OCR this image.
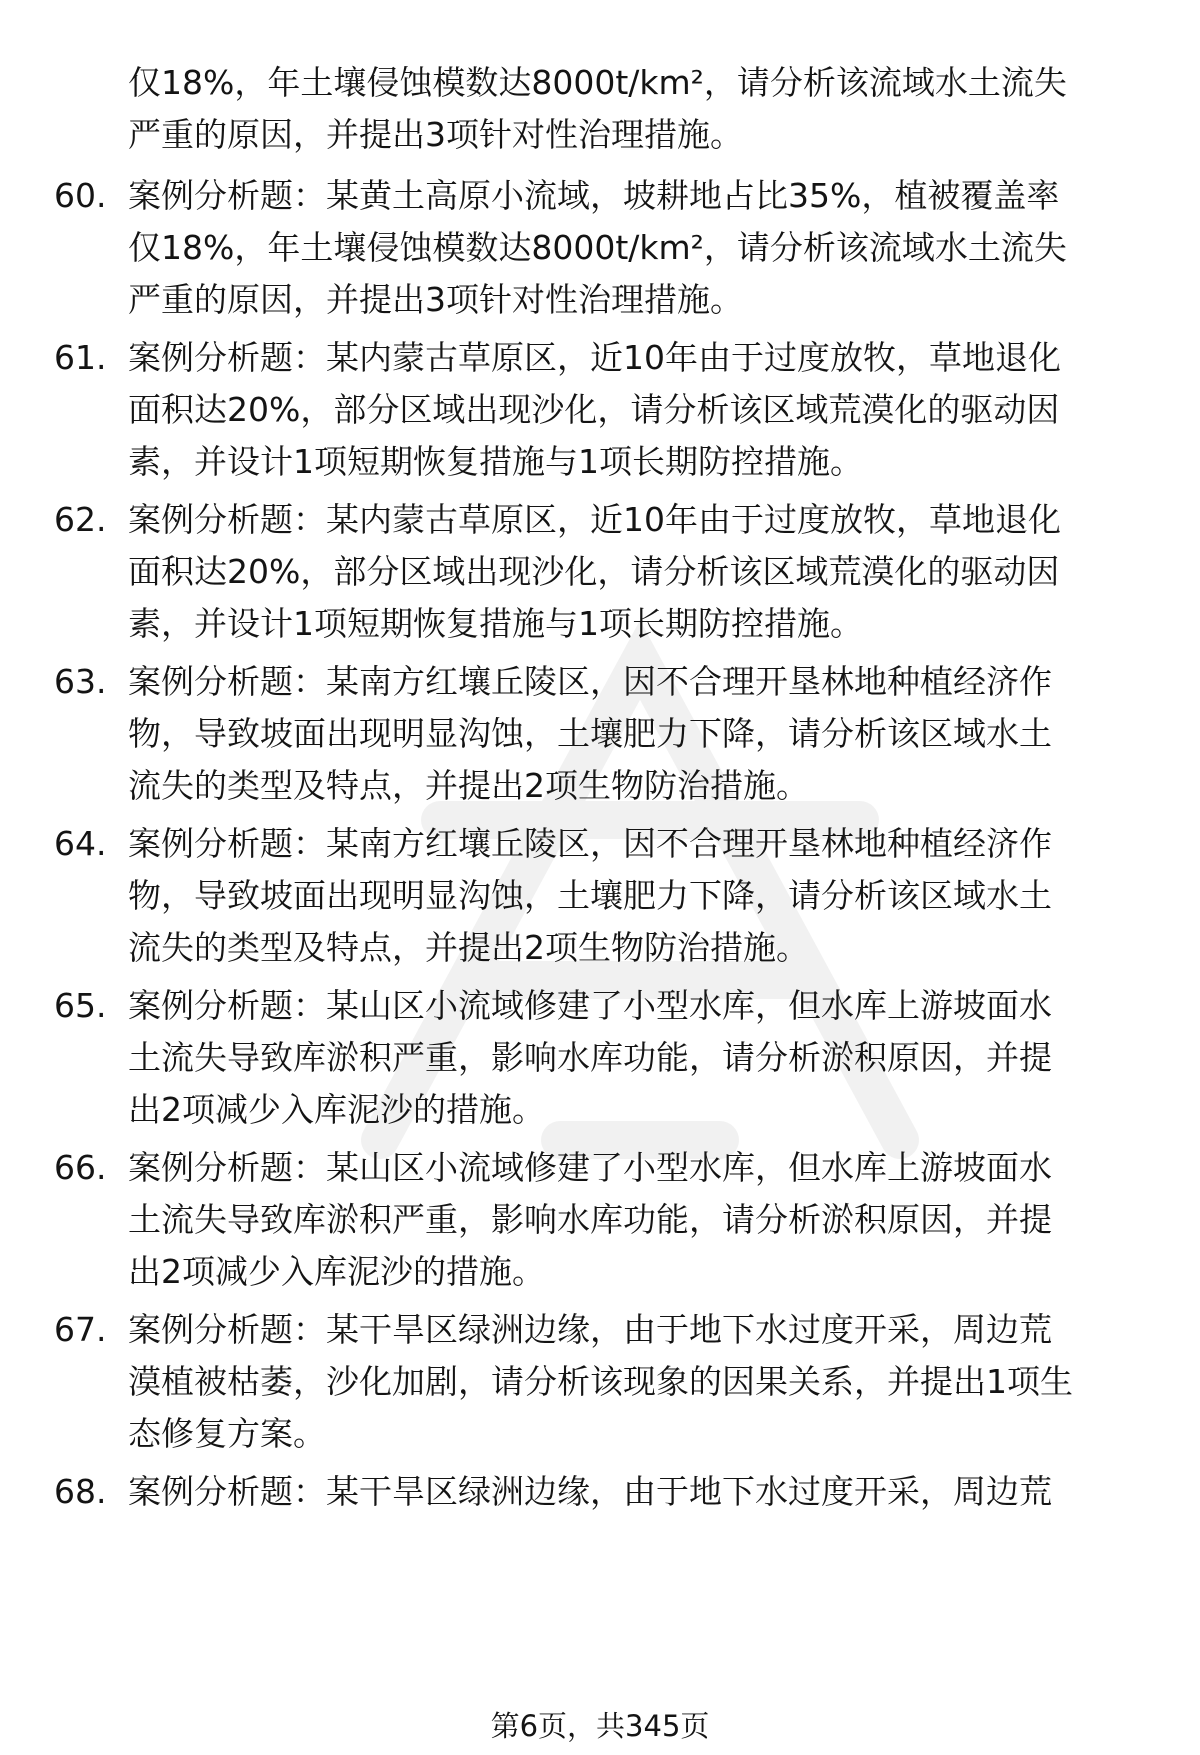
仅18%，年土壤侵蚀模数达8000t/km²，请分析该流域水土流失
严重的原因，并提出3项针对性治理措施。

60. 案例分析题：某黄土高原小流域，坡耕地占比35%，植被覆盖率
仅18%，年土壤侵蚀模数达8000t/km²，请分析该流域水土流失
严重的原因，并提出3项针对性治理措施。

61. 案例分析题：某内蒙古草原区，近10年由于过度放牧，草地退化
面积达20%，部分区域出现沙化，请分析该区域荒漠化的驱动因
素，并设计1项短期恢复措施与1项长期防控措施。

62. 案例分析题：某内蒙古草原区，近10年由于过度放牧，草地退化
面积达20%，部分区域出现沙化，请分析该区域荒漠化的驱动因
素，并设计1项短期恢复措施与1项长期防控措施。

63. 案例分析题：某南方红壤丘陵区，因不合理开垦林地种植经济作
物，导致坡面出现明显沟蚀，土壤肥力下降，请分析该区域水土
流失的类型及特点，并提出2项生物防治措施。

64. 案例分析题：某南方红壤丘陵区，因不合理开垦林地种植经济作
物，导致坡面出现明显沟蚀，土壤肥力下降，请分析该区域水土
流失的类型及特点，并提出2项生物防治措施。

65. 案例分析题：某山区小流域修建了小型水库，但水库上游坡面水
土流失导致库淤积严重，影响水库功能，请分析淤积原因，并提
出2项减少入库泥沙的措施。

66. 案例分析题：某山区小流域修建了小型水库，但水库上游坡面水
土流失导致库淤积严重，影响水库功能，请分析淤积原因，并提
出2项减少入库泥沙的措施。

67. 案例分析题：某干旱区绿洲边缘，由于地下水过度开采，周边荒
漠植被枯萎，沙化加剧，请分析该现象的因果关系，并提出1项生
态修复方案。

68. 案例分析题：某干旱区绿洲边缘，由于地下水过度开采，周边荒

第6页，共345页
